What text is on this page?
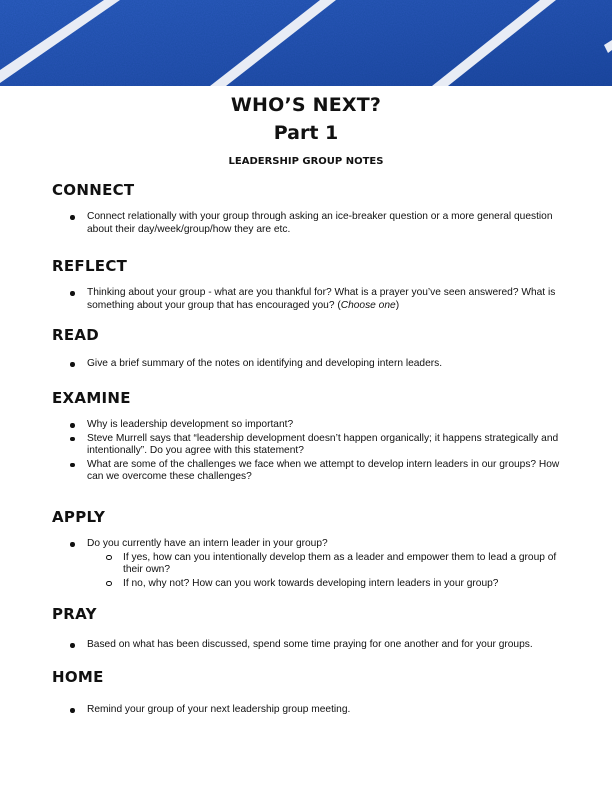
WHO’S NEXT?
Part 1

LEADERSHIP GROUP NOTES

CONNECT
Connect relationally with your group through asking an ice-breaker question or a more general question about their day/week/group/how they are etc.
REFLECT
Thinking about your group - what are you thankful for? What is a prayer you’ve seen answered? What is something about your group that has encouraged you? (Choose one)
READ
Give a brief summary of the notes on identifying and developing intern leaders.
EXAMINE
Why is leadership development so important?
Steve Murrell says that “leadership development doesn’t happen organically; it happens strategically and intentionally”. Do you agree with this statement?
What are some of the challenges we face when we attempt to develop intern leaders in our groups? How can we overcome these challenges?
APPLY
Do you currently have an intern leader in your group?
If yes, how can you intentionally develop them as a leader and empower them to lead a group of their own?
If no, why not? How can you work towards developing intern leaders in your group?
PRAY
Based on what has been discussed, spend some time praying for one another and for your groups.
HOME
Remind your group of your next leadership group meeting.
